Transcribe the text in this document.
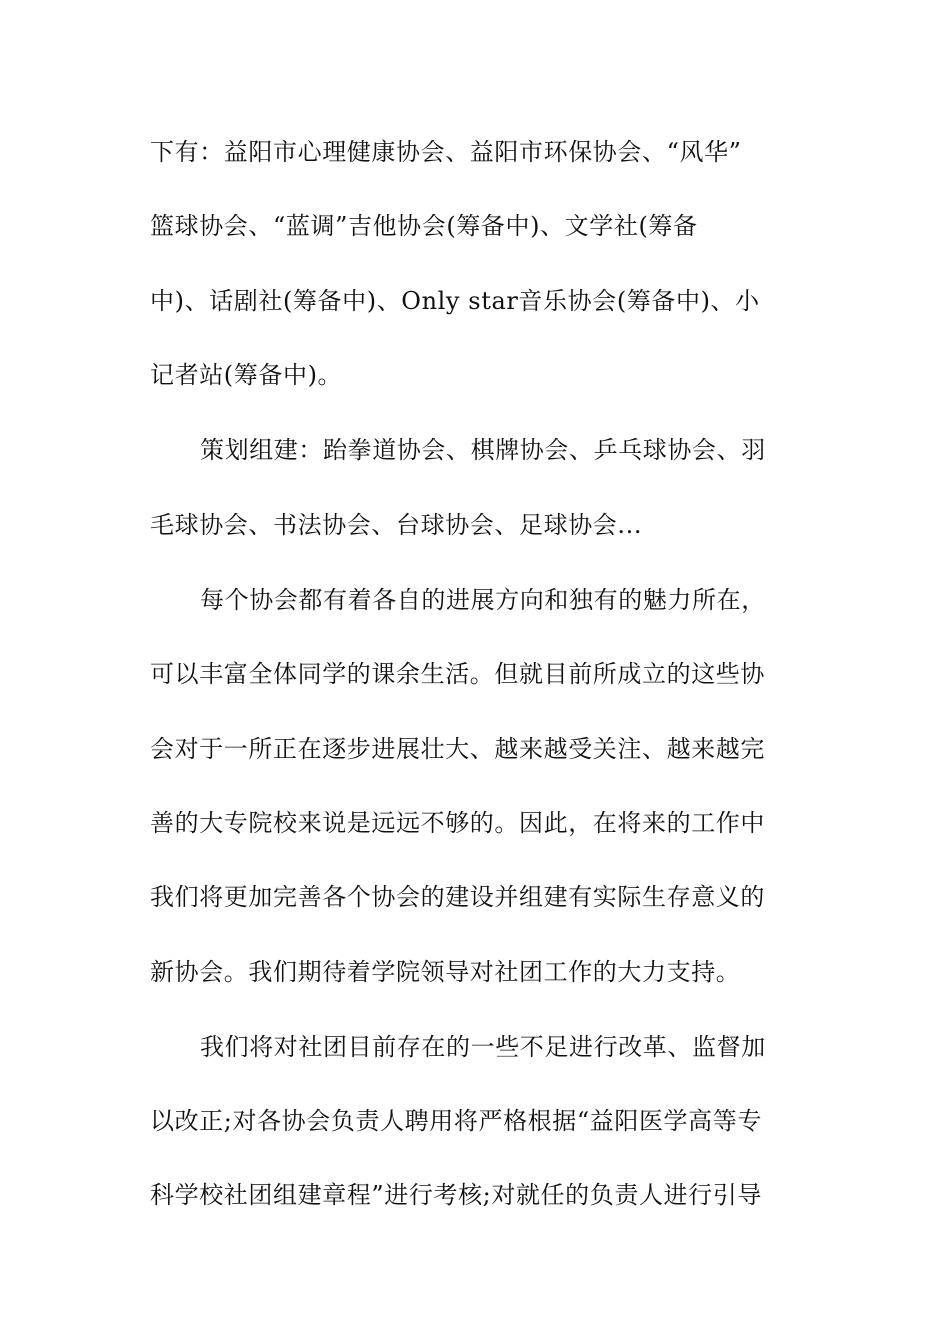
下有：益阳市心理健康协会、益阳市环保协会、“风华”
篮球协会、“蓝调”吉他协会(筹备中)、文学社(筹备
中)、话剧社(筹备中)、Only star音乐协会(筹备中)、小
记者站(筹备中)。
策划组建：跆拳道协会、棋牌协会、乒乓球协会、羽
毛球协会、书法协会、台球协会、足球协会...
每个协会都有着各自的进展方向和独有的魅力所在，
可以丰富全体同学的课余生活。但就目前所成立的这些协
会对于一所正在逐步进展壮大、越来越受关注、越来越完
善的大专院校来说是远远不够的。因此，在将来的工作中
我们将更加完善各个协会的建设并组建有实际生存意义的
新协会。我们期待着学院领导对社团工作的大力支持。
我们将对社团目前存在的一些不足进行改革、监督加
以改正;对各协会负责人聘用将严格根据“益阳医学高等专
科学校社团组建章程”进行考核;对就任的负责人进行引导
